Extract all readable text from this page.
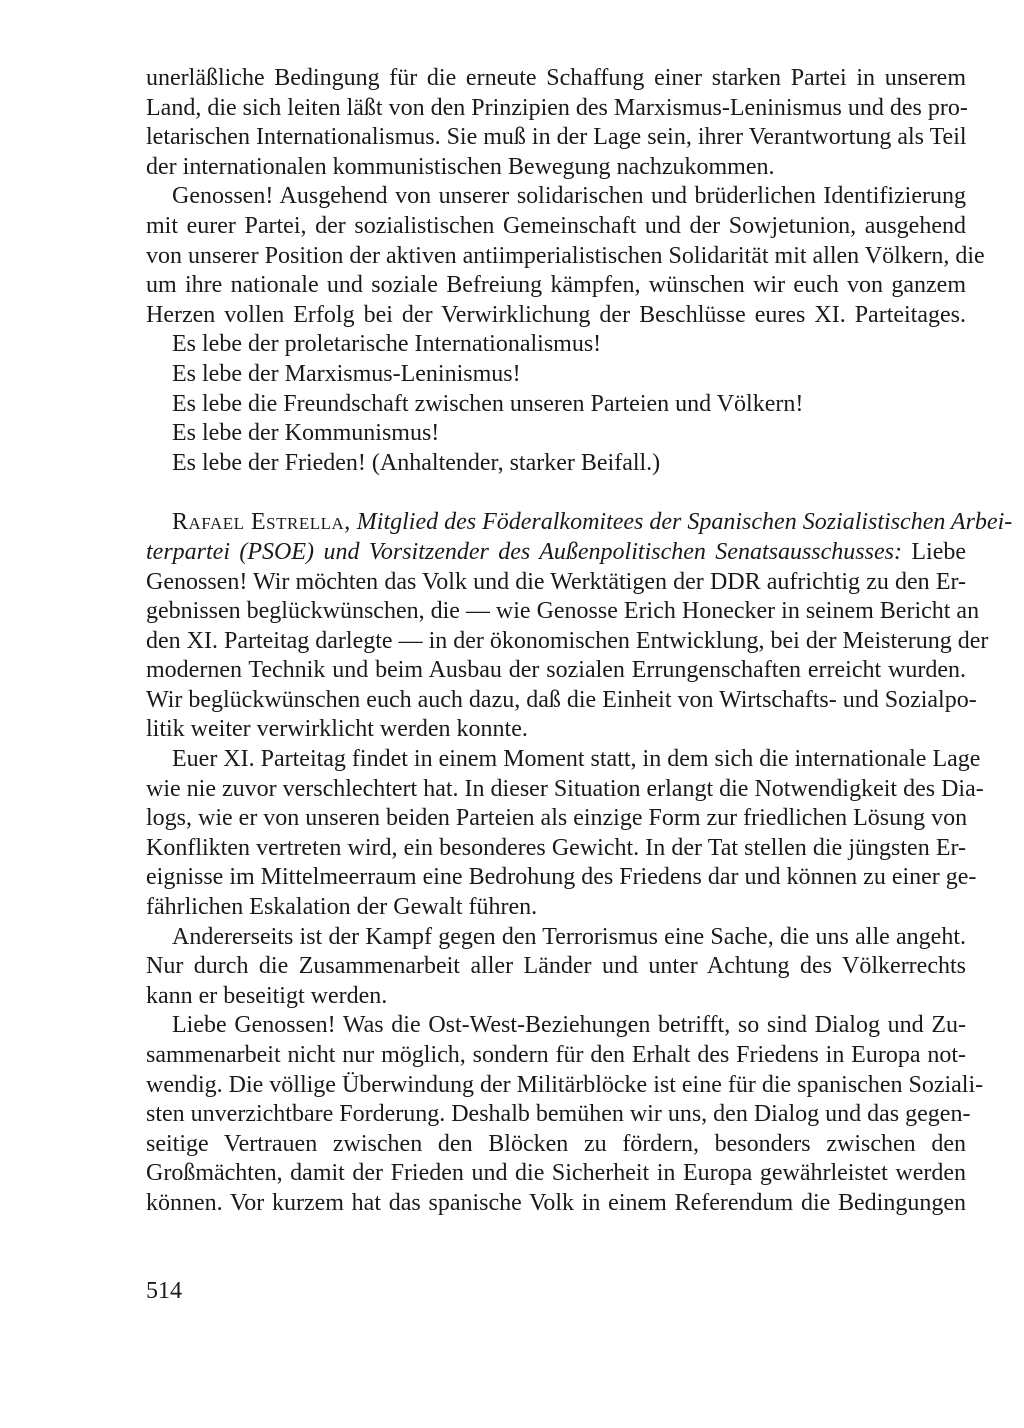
unerläßliche Bedingung für die erneute Schaffung einer starken Partei in unserem
Land, die sich leiten läßt von den Prinzipien des Marxismus-Leninismus und des pro-
letarischen Internationalismus. Sie muß in der Lage sein, ihrer Verantwortung als Teil
der internationalen kommunistischen Bewegung nachzukommen.
Genossen! Ausgehend von unserer solidarischen und brüderlichen Identifizierung
mit eurer Partei, der sozialistischen Gemeinschaft und der Sowjetunion, ausgehend
von unserer Position der aktiven antiimperialistischen Solidarität mit allen Völkern, die
um ihre nationale und soziale Befreiung kämpfen, wünschen wir euch von ganzem
Herzen vollen Erfolg bei der Verwirklichung der Beschlüsse eures XI. Parteitages.
Es lebe der proletarische Internationalismus!
Es lebe der Marxismus-Leninismus!
Es lebe die Freundschaft zwischen unseren Parteien und Völkern!
Es lebe der Kommunismus!
Es lebe der Frieden! (Anhaltender, starker Beifall.)
Rafael Estrella, Mitglied des Föderalkomitees der Spanischen Sozialistischen Arbei-
terpartei (PSOE) und Vorsitzender des Außenpolitischen Senatsausschusses: Liebe
Genossen! Wir möchten das Volk und die Werktätigen der DDR aufrichtig zu den Er-
gebnissen beglückwünschen, die — wie Genosse Erich Honecker in seinem Bericht an
den XI. Parteitag darlegte — in der ökonomischen Entwicklung, bei der Meisterung der
modernen Technik und beim Ausbau der sozialen Errungenschaften erreicht wurden.
Wir beglückwünschen euch auch dazu, daß die Einheit von Wirtschafts- und Sozialpo-
litik weiter verwirklicht werden konnte.
Euer XI. Parteitag findet in einem Moment statt, in dem sich die internationale Lage
wie nie zuvor verschlechtert hat. In dieser Situation erlangt die Notwendigkeit des Dia-
logs, wie er von unseren beiden Parteien als einzige Form zur friedlichen Lösung von
Konflikten vertreten wird, ein besonderes Gewicht. In der Tat stellen die jüngsten Er-
eignisse im Mittelmeerraum eine Bedrohung des Friedens dar und können zu einer ge-
fährlichen Eskalation der Gewalt führen.
Andererseits ist der Kampf gegen den Terrorismus eine Sache, die uns alle angeht.
Nur durch die Zusammenarbeit aller Länder und unter Achtung des Völkerrechts
kann er beseitigt werden.
Liebe Genossen! Was die Ost-West-Beziehungen betrifft, so sind Dialog und Zu-
sammenarbeit nicht nur möglich, sondern für den Erhalt des Friedens in Europa not-
wendig. Die völlige Überwindung der Militärblöcke ist eine für die spanischen Soziali-
sten unverzichtbare Forderung. Deshalb bemühen wir uns, den Dialog und das gegen-
seitige Vertrauen zwischen den Blöcken zu fördern, besonders zwischen den
Großmächten, damit der Frieden und die Sicherheit in Europa gewährleistet werden
können. Vor kurzem hat das spanische Volk in einem Referendum die Bedingungen
514
